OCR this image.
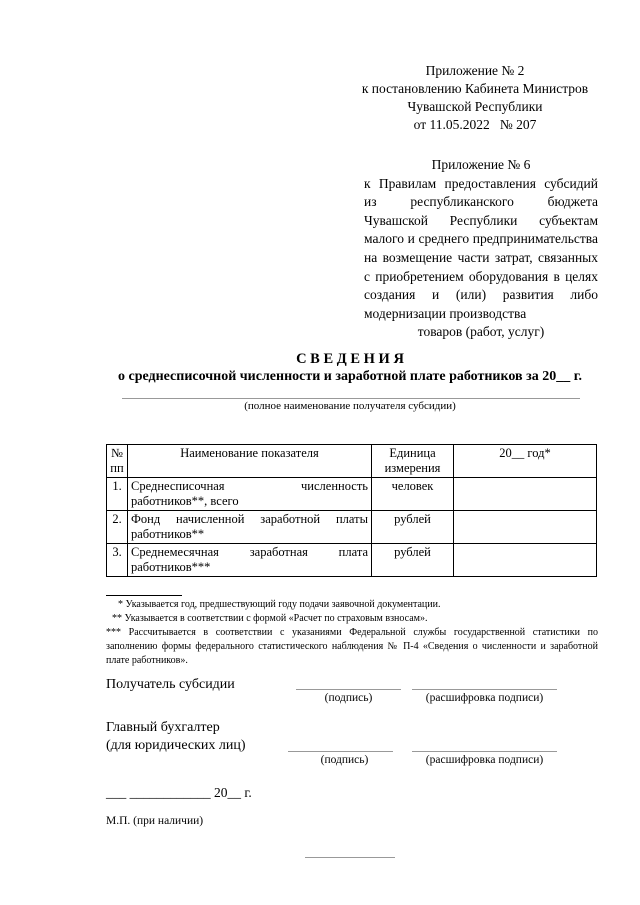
Приложение № 2
к постановлению Кабинета Министров
Чувашской Республики
от 11.05.2022   № 207
Приложение № 6
к Правилам предоставления субсидий из республиканского бюджета Чувашской Республики субъектам малого и среднего предпринимательства на возмещение части затрат, связанных с приобретением оборудования в целях создания и (или) развития либо модернизации производства
товаров (работ, услуг)
С В Е Д Е Н И Я
о среднесписочной численности и заработной плате работников за 20__ г.
(полное наименование получателя субсидии)
№ пп	Наименование показателя	Единица измерения	20__ год*
1.	Среднесписочная численность работников**, всего	человек	
2.	Фонд начисленной заработной платы работников**	рублей	
3.	Среднемесячная заработная плата работников***	рублей	
* Указывается год, предшествующий году подачи заявочной документации.
** Указывается в соответствии с формой «Расчет по страховым взносам».
*** Рассчитывается в соответствии с указаниями Федеральной службы государственной статистики по заполнению формы федерального статистического наблюдения № П-4 «Сведения о численности и заработной плате работников».
Получатель субсидии
(подпись)	(расшифровка подписи)
Главный бухгалтер
(для юридических лиц)
(подпись)	(расшифровка подписи)
___ ____________ 20__ г.
М.П. (при наличии)
